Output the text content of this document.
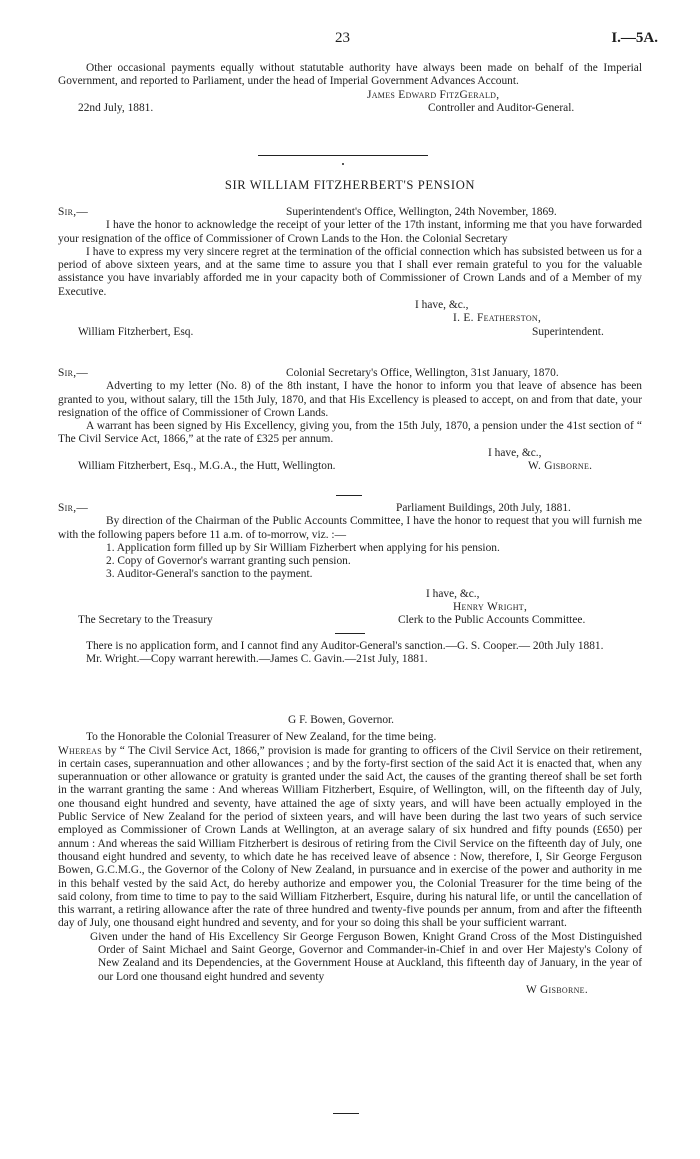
23	I.—5A.

Other occasional payments equally without statutable authority have always been made on behalf of the Imperial Government, and reported to Parliament, under the head of Imperial Government Advances Account.

James Edward FitzGerald,
22nd July, 1881.	Controller and Auditor-General.
SIR WILLIAM FITZHERBERT'S PENSION
Sir,—	Superintendent's Office, Wellington, 24th November, 1869.

I have the honor to acknowledge the receipt of your letter of the 17th instant, informing me that you have forwarded your resignation of the office of Commissioner of Crown Lands to the Hon. the Colonial Secretary

I have to express my very sincere regret at the termination of the official connection which has subsisted between us for a period of above sixteen years, and at the same time to assure you that I shall ever remain grateful to you for the valuable assistance you have invariably afforded me in your capacity both of Commissioner of Crown Lands and of a Member of my Executive.

I have, &c.,
I. E. Featherston,
William Fitzherbert, Esq.	Superintendent.
Sir,—	Colonial Secretary's Office, Wellington, 31st January, 1870.

Adverting to my letter (No. 8) of the 8th instant, I have the honor to inform you that leave of absence has been granted to you, without salary, till the 15th July, 1870, and that His Excellency is pleased to accept, on and from that date, your resignation of the office of Commissioner of Crown Lands.

A warrant has been signed by His Excellency, giving you, from the 15th July, 1870, a pension under the 41st section of “ The Civil Service Act, 1866,” at the rate of £325 per annum.

I have, &c.,
William Fitzherbert, Esq., M.G.A., the Hutt, Wellington.	W. Gisborne.
Sir,—	Parliament Buildings, 20th July, 1881.

By direction of the Chairman of the Public Accounts Committee, I have the honor to request that you will furnish me with the following papers before 11 a.m. of to-morrow, viz. :—

1. Application form filled up by Sir William Fizherbert when applying for his pension.
2. Copy of Governor's warrant granting such pension.
3. Auditor-General's sanction to the payment.
I have, &c.,
Henry Wright,
The Secretary to the Treasury	Clerk to the Public Accounts Committee.

There is no application form, and I cannot find any Auditor-General's sanction.—G. S. Cooper.— 20th July 1881.

Mr. Wright.—Copy warrant herewith.—James C. Gavin.—21st July, 1881.

G F. Bowen, Governor.

To the Honorable the Colonial Treasurer of New Zealand, for the time being.

Whereas by “ The Civil Service Act, 1866,” provision is made for granting to officers of the Civil Service on their retirement, in certain cases, superannuation and other allowances ; and by the forty-first section of the said Act it is enacted that, when any superannuation or other allowance or gratuity is granted under the said Act, the causes of the granting thereof shall be set forth in the warrant granting the same : And whereas William Fitzherbert, Esquire, of Wellington, will, on the fifteenth day of July, one thousand eight hundred and seventy, have attained the age of sixty years, and will have been actually employed in the Public Service of New Zealand for the period of sixteen years, and will have been during the last two years of such service employed as Commissioner of Crown Lands at Wellington, at an average salary of six hundred and fifty pounds (£650) per annum : And whereas the said William Fitzherbert is desirous of retiring from the Civil Service on the fifteenth day of July, one thousand eight hundred and seventy, to which date he has received leave of absence : Now, therefore, I, Sir George Ferguson Bowen, G.C.M.G., the Governor of the Colony of New Zealand, in pursuance and in exercise of the power and authority in me in this behalf vested by the said Act, do hereby authorize and empower you, the Colonial Treasurer for the time being of the said colony, from time to time to pay to the said William Fitzherbert, Esquire, during his natural life, or until the cancellation of this warrant, a retiring allowance after the rate of three hundred and twenty-five pounds per annum, from and after the fifteenth day of July, one thousand eight hundred and seventy, and for your so doing this shall be your sufficient warrant.

Given under the hand of His Excellency Sir George Ferguson Bowen, Knight Grand Cross of the Most Distinguished Order of Saint Michael and Saint George, Governor and Commander-in-Chief in and over Her Majesty's Colony of New Zealand and its Dependencies, at the Government House at Auckland, this fifteenth day of January, in the year of our Lord one thousand eight hundred and seventy

W Gisborne.
